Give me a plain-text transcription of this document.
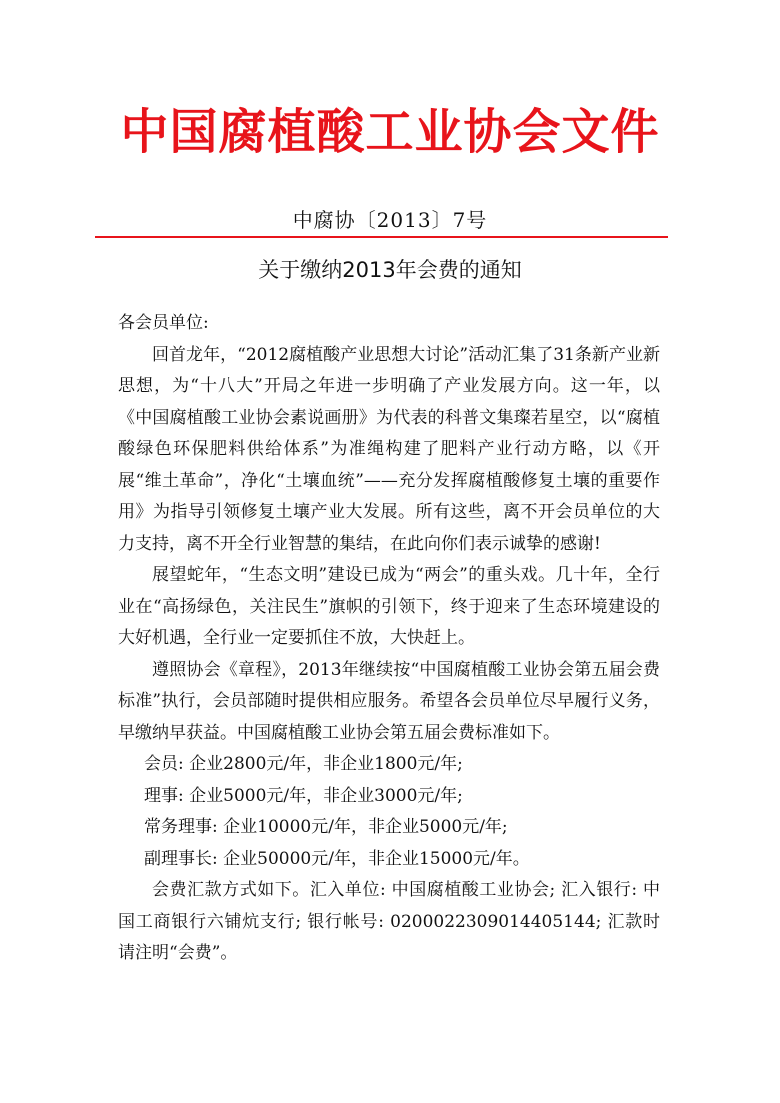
中国腐植酸工业协会文件
中腐协〔2013〕7号
关于缴纳2013年会费的通知

各会员单位:

回首龙年，“2012腐植酸产业思想大讨论”活动汇集了31条新产业新思想，为“十八大”开局之年进一步明确了产业发展方向。这一年，以《中国腐植酸工业协会素说画册》为代表的科普文集璨若星空，以“腐植酸绿色环保肥料供给体系”为准绳构建了肥料产业行动方略，以《开展“维土革命”，净化“土壤血统”——充分发挥腐植酸修复土壤的重要作用》为指导引领修复土壤产业大发展。所有这些，离不开会员单位的大力支持，离不开全行业智慧的集结，在此向你们表示诚挚的感谢!

展望蛇年，“生态文明”建设已成为“两会”的重头戏。几十年，全行业在“高扬绿色，关注民生”旗帜的引领下，终于迎来了生态环境建设的大好机遇，全行业一定要抓住不放，大快赶上。

遵照协会《章程》，2013年继续按“中国腐植酸工业协会第五届会费标准”执行，会员部随时提供相应服务。希望各会员单位尽早履行义务，早缴纳早获益。中国腐植酸工业协会第五届会费标准如下。

会员: 企业2800元/年，非企业1800元/年;

理事: 企业5000元/年，非企业3000元/年;

常务理事: 企业10000元/年，非企业5000元/年;

副理事长: 企业50000元/年，非企业15000元/年。

会费汇款方式如下。汇入单位: 中国腐植酸工业协会; 汇入银行: 中国工商银行六铺炕支行; 银行帐号: 0200022309014405144; 汇款时请注明“会费”。
